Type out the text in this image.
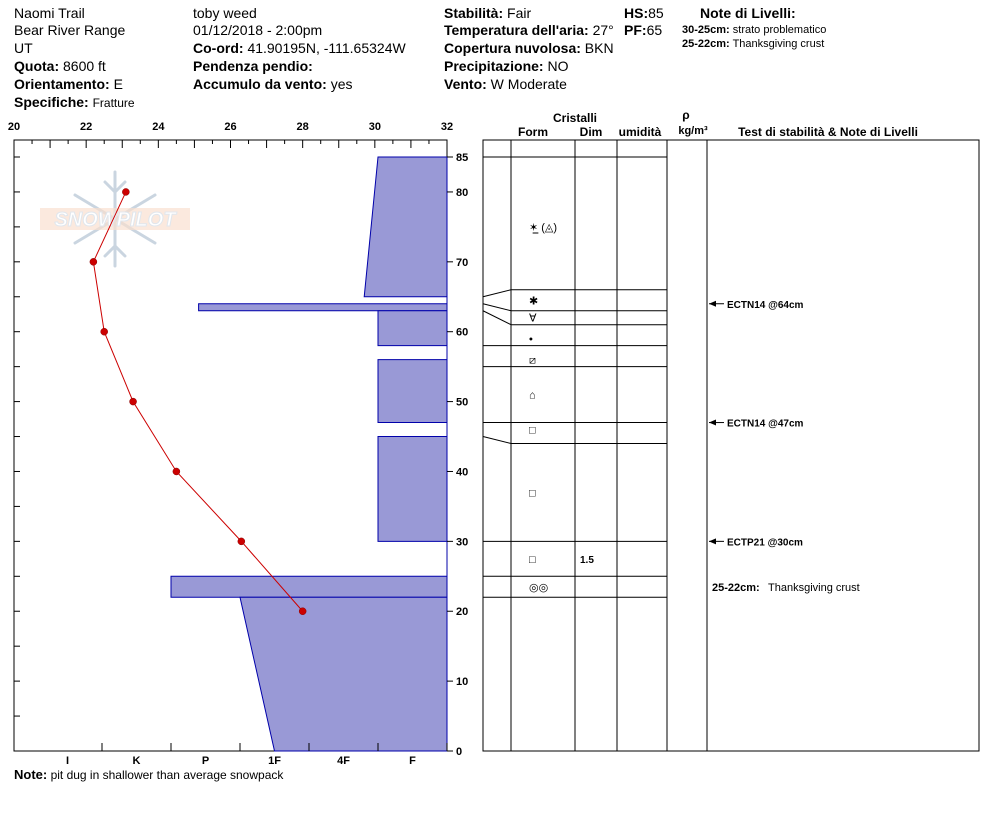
Naomi Trail
Bear River Range
UT
Quota: 8600 ft
Orientamento: E
Specifiche: Fratture
toby weed
01/12/2018 - 2:00pm
Co-ord: 41.90195N, -111.65324W
Pendenza pendio:
Accumulo da vento: yes
Stabilità: Fair
Temperatura dell'aria: 27°
Copertura nuvolosa: BKN
Precipitazione: NO
Vento: W Moderate
HS:85
PF:65
Note di Livelli:
30-25cm: strato problematico
25-22cm: Thanksgiving crust
SNOWPILOT
20	22	24	26	28	30	32
0
10
20
30
40
50
60
70
80
85
I	K	P	1F	4F	F
Cristalli
Form	Dim umidità
ρ
kg/m³	Test di stabilità & Note di Livelli
✶̲ (◬)
✱
∀
•
⧄
⌂
□
□
□	1.5
◎◎
ECTN14 @64cm
ECTN14 @47cm
ECTP21 @30cm
25-22cm: Thanksgiving crust
Note: pit dug in shallower than average snowpack
